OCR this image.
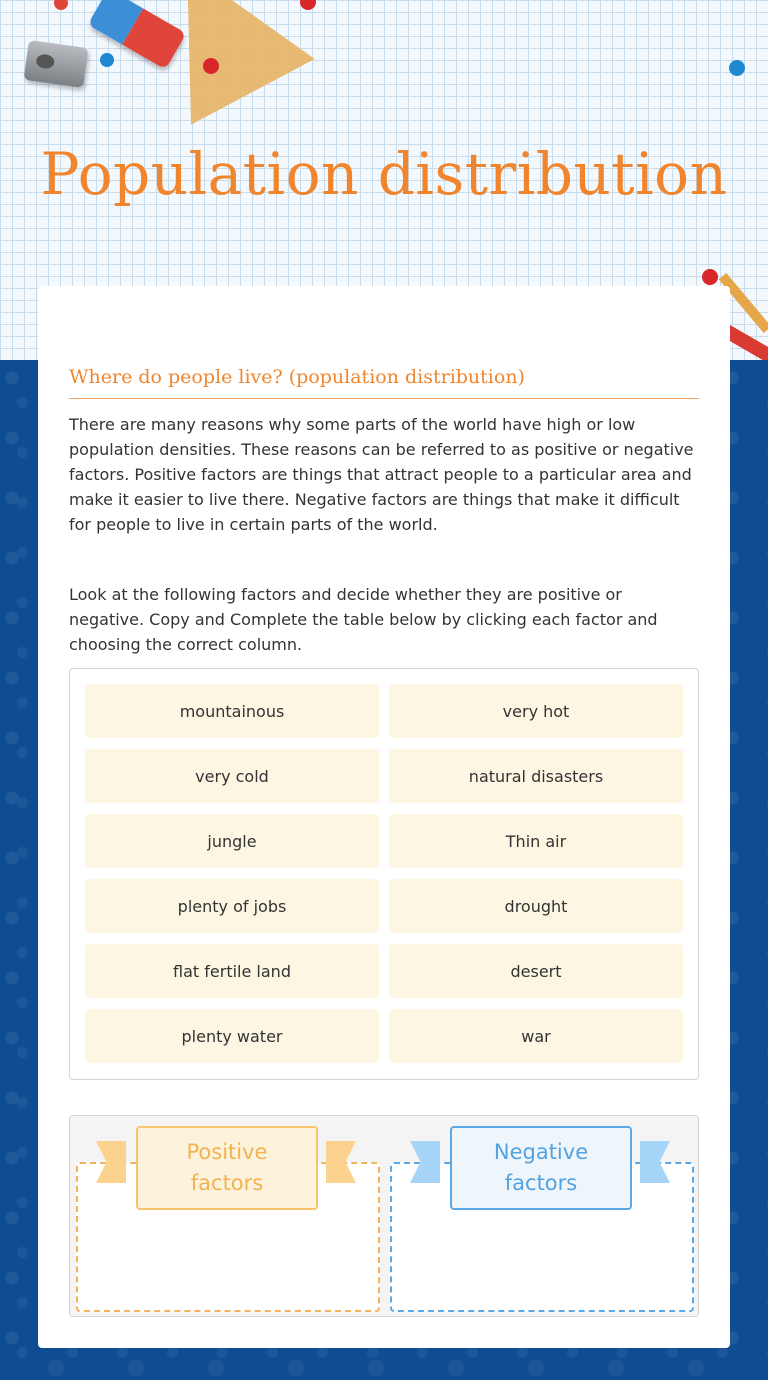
Population distribution
Where do people live? (population distribution)
There are many reasons why some parts of the world have high or low population densities. These reasons can be referred to as positive or negative factors. Positive factors are things that attract people to a particular area and make it easier to live there. Negative factors are things that make it difficult for people to live in certain parts of the world.
Look at the following factors and decide whether they are positive or negative. Copy and Complete the table below by clicking each factor and choosing the correct column.
mountainous	very hot
very cold	natural disasters
jungle	Thin air
plenty of jobs	drought
flat fertile land	desert
plenty water	war
Positive factors
Negative factors
